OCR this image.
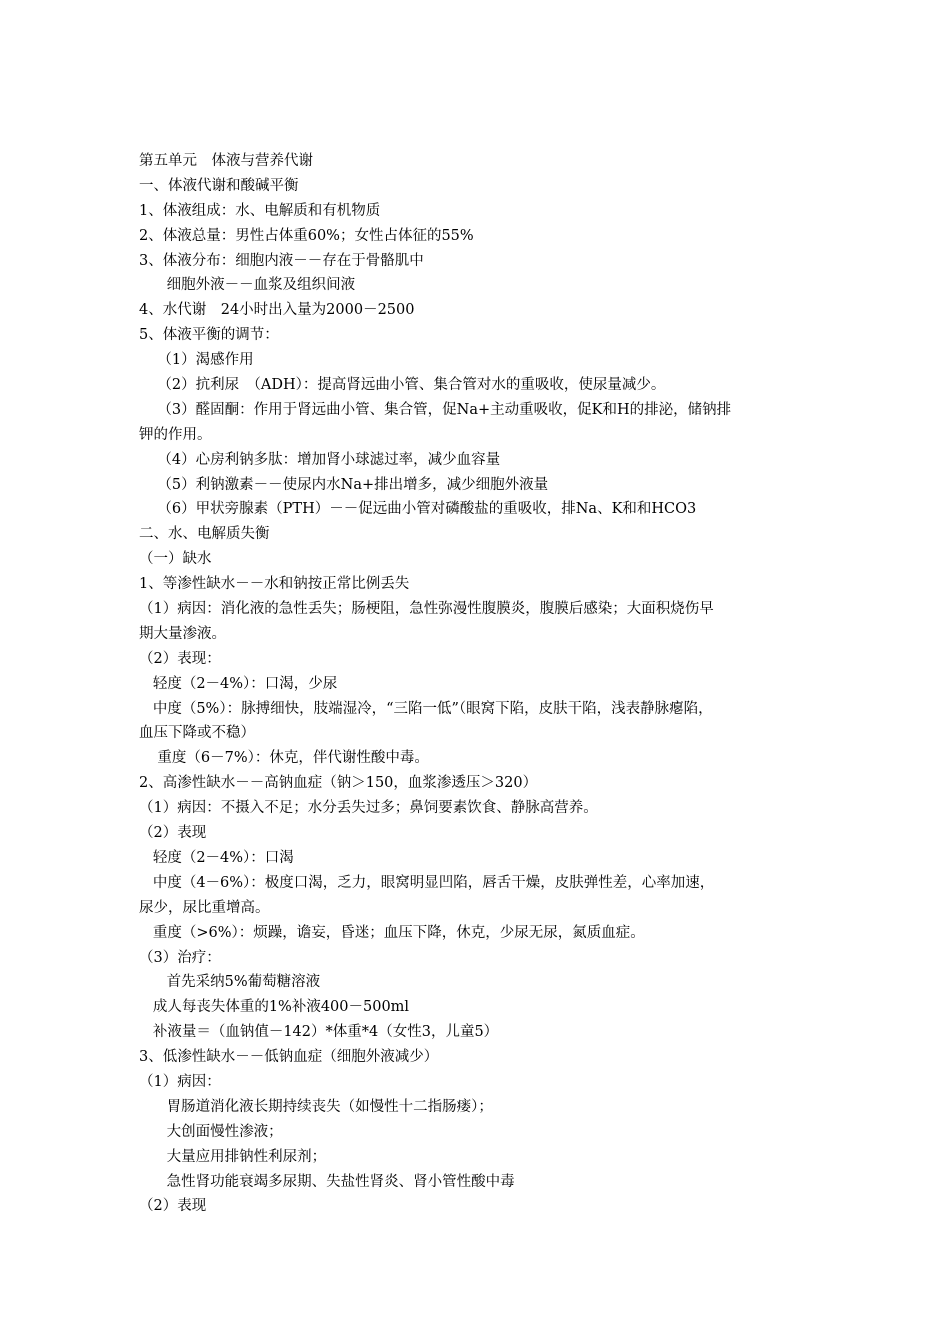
第五单元　体液与营养代谢
一、体液代谢和酸碱平衡
1、体液组成：水、电解质和有机物质
2、体液总量：男性占体重60%；女性占体征的55%
3、体液分布：细胞内液－－存在于骨骼肌中
细胞外液－－血浆及组织间液
4、水代谢　24小时出入量为2000－2500
5、体液平衡的调节：
（1）渴感作用
（2）抗利尿　（ADH）：提高肾远曲小管、集合管对水的重吸收，使尿量减少。
（3）醛固酮：作用于肾远曲小管、集合管，促Na+主动重吸收，促K和H的排泌，储钠排
钾的作用。
（4）心房利钠多肽：增加肾小球滤过率，减少血容量
（5）利钠激素－－使尿内水Na+排出增多，减少细胞外液量
（6）甲状旁腺素（PTH）－－促远曲小管对磷酸盐的重吸收，排Na、K和和HCO3
二、水、电解质失衡
（一）缺水
1、等渗性缺水－－水和钠按正常比例丢失
（1）病因：消化液的急性丢失；肠梗阻，急性弥漫性腹膜炎，腹膜后感染；大面积烧伤早
期大量渗液。
（2）表现：
轻度（2－4%）：口渴，少尿
中度（5%）：脉搏细快，肢端湿冷，“三陷一低”（眼窝下陷，皮肤干陷，浅表静脉瘪陷，
血压下降或不稳）
重度（6－7%）：休克，伴代谢性酸中毒。
2、高渗性缺水－－高钠血症（钠＞150，血浆渗透压＞320）
（1）病因：不摄入不足；水分丢失过多；鼻饲要素饮食、静脉高营养。
（2）表现
轻度（2－4%）：口渴
中度（4－6%）：极度口渴，乏力，眼窝明显凹陷，唇舌干燥，皮肤弹性差，心率加速，
尿少，尿比重增高。
重度（>6%）：烦躁，谵妄，昏迷；血压下降，休克，少尿无尿，氮质血症。
（3）治疗：
首先采纳5%葡萄糖溶液
成人每丧失体重的1%补液400－500ml
补液量＝（血钠值－142）*体重*4（女性3，儿童5）
3、低渗性缺水－－低钠血症（细胞外液减少）
（1）病因：
胃肠道消化液长期持续丧失（如慢性十二指肠瘘）；
大创面慢性渗液；
大量应用排钠性利尿剂；
急性肾功能衰竭多尿期、失盐性肾炎、肾小管性酸中毒
（2）表现
